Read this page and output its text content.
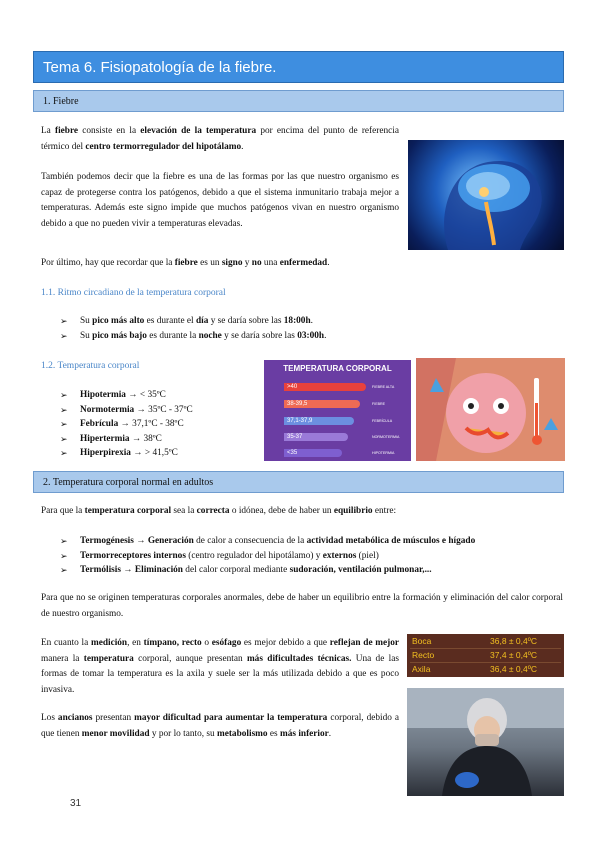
Tema 6. Fisiopatología de la fiebre.
1. Fiebre

La fiebre consiste en la elevación de la temperatura por encima del punto de referencia térmico del centro termorregulador del hipotálamo.

También podemos decir que la fiebre es una de las formas por las que nuestro organismo es capaz de protegerse contra los patógenos, debido a que el sistema inmunitario trabaja mejor a temperaturas. Además este signo impide que muchos patógenos vivan en nuestro organismo debido a que no pueden vivir a temperaturas elevadas.

Por último, hay que recordar que la fiebre es un signo y no una enfermedad.

1.1. Ritmo circadiano de la temperatura corporal
➢ Su pico más alto es durante el día y se daría sobre las 18:00h.
➢ Su pico más bajo es durante la noche y se daría sobre las 03:00h.
1.2. Temperatura corporal
➢ Hipotermia → < 35ºC
➢ Normotermia → 35ºC - 37ºC
➢ Febrícula → 37,1ºC - 38ºC
➢ Hipertermia → 38ºC
➢ Hiperpirexia → > 41,5ºC
TEMPERATURA CORPORAL
>40	FIEBRE ALTA
38-39,5	FIEBRE
37,1-37,9	FEBRÍCULA
35-37	NORMOTERMIA
<35	HIPOTERMIA
2. Temperatura corporal normal en adultos

Para que la temperatura corporal sea la correcta o idónea, debe de haber un equilibrio entre:

➢ Termogénesis → Generación de calor a consecuencia de la actividad metabólica de músculos e hígado
➢ Termorreceptores internos (centro regulador del hipotálamo) y externos (piel)
➢ Termólisis → Eliminación del calor corporal mediante sudoración, ventilación pulmonar,...

Para que no se originen temperaturas corporales anormales, debe de haber un equilibrio entre la formación y eliminación del calor corporal de nuestro organismo.

En cuanto la medición, en tímpano, recto o esófago es mejor debido a que reflejan de mejor manera la temperatura corporal, aunque presentan más dificultades técnicas. Una de las formas de tomar la temperatura es la axila y suele ser la más utilizada debido a que es poco invasiva.

Boca	36,8 ± 0,4ºC
Recto	37,4 ± 0,4ºC
Axila	36,4 ± 0,4ºC

Los ancianos presentan mayor dificultad para aumentar la temperatura corporal, debido a que tienen menor movilidad y por lo tanto, su metabolismo es más inferior.

31
